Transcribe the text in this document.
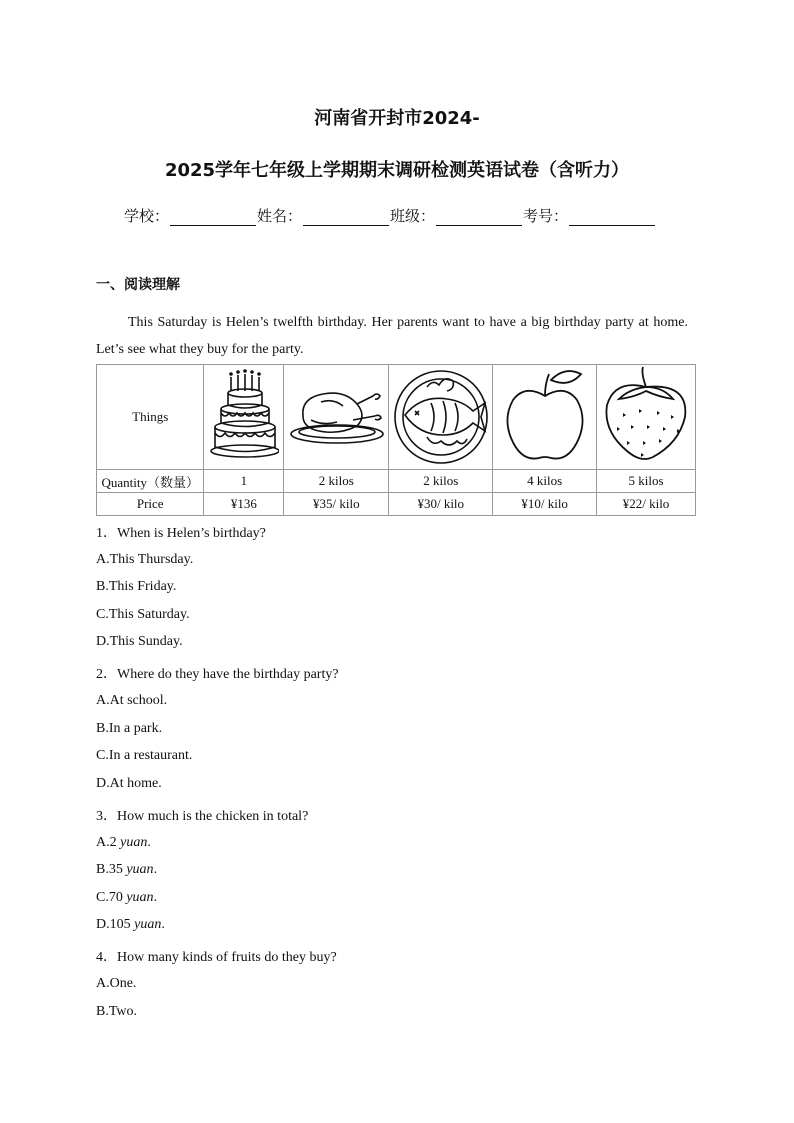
河南省开封市2024-
2025学年七年级上学期期末调研检测英语试卷（含听力）
学校：	姓名：	班级：	考号：
一、阅读理解
This Saturday is Helen’s twelfth birthday. Her parents want to have a big birthday party at home. Let’s see what they buy for the party.
Things					
Quantity（数量）	1	2 kilos	2 kilos	4 kilos	5 kilos
Price	¥136	¥35/ kilo	¥30/ kilo	¥10/ kilo	¥22/ kilo
1．When is Helen’s birthday?
A.This Thursday.
B.This Friday.
C.This Saturday.
D.This Sunday.
2．Where do they have the birthday party?
A.At school.
B.In a park.
C.In a restaurant.
D.At home.
3．How much is the chicken in total?
A.2 yuan.
B.35 yuan.
C.70 yuan.
D.105 yuan.
4．How many kinds of fruits do they buy?
A.One.
B.Two.
